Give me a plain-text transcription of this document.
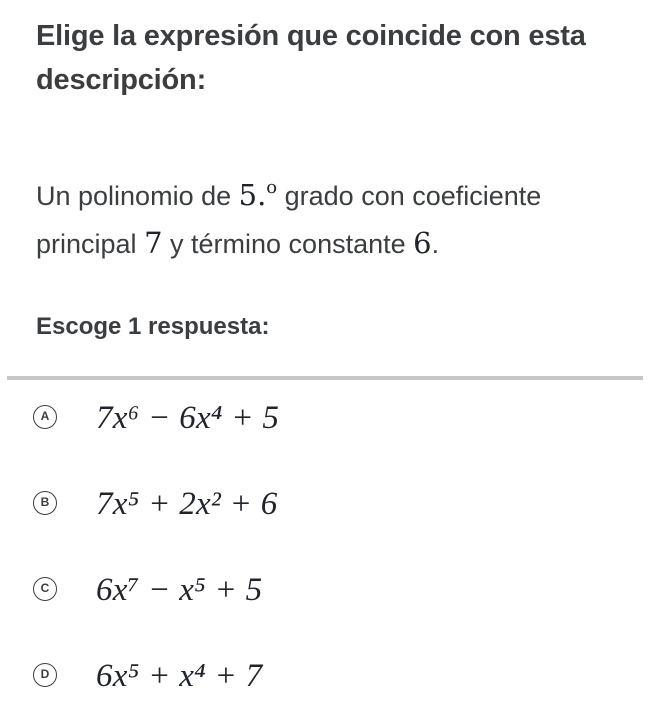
Elige la expresión que coincide con esta descripción:
Un polinomio de 5.$^o$ grado con coeficiente principal 7 y término constante 6.
Escoge 1 respuesta:
A 7x⁶ − 6x⁴ + 5
B 7x⁵ + 2x² + 6
C 6x⁷ − x⁵ + 5
D 6x⁵ + x⁴ + 7
